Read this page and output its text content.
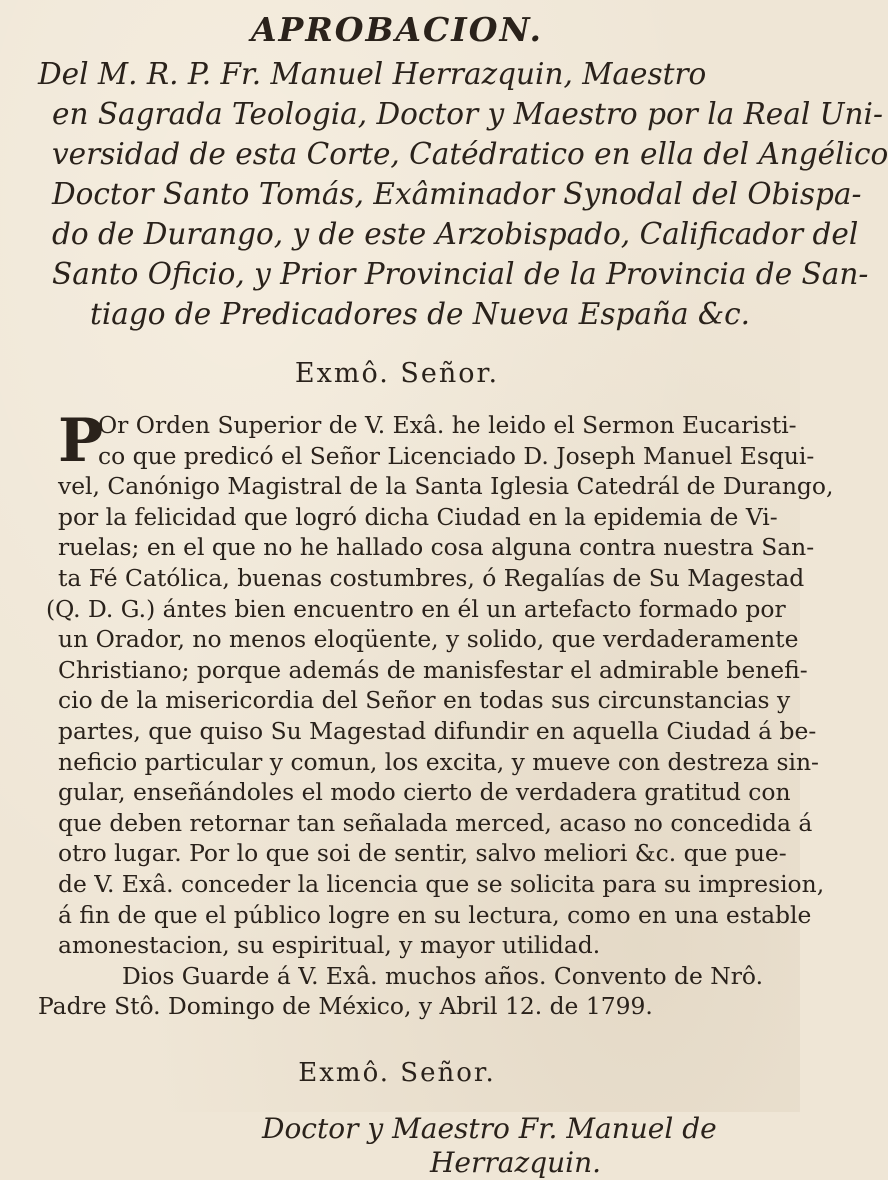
APROBACION.

Del M. R. P. Fr. Manuel Herrazquin, Maestro

en Sagrada Teologia, Doctor y Maestro por la Real Uni-

versidad de esta Corte, Catédratico en ella del Angélico

Doctor Santo Tomás, Exâminador Synodal del Obispa-

do de Durango, y de este Arzobispado, Calificador del

Santo Oficio, y Prior Provincial de la Provincia de San-

tiago de Predicadores de Nueva España &c.

Exmô. Señor.

P
Or Orden Superior de V. Exâ. he leido el Sermon Eucaristi-

co que predicó el Señor Licenciado D. Joseph Manuel Esqui-

vel, Canónigo Magistral de la Santa Iglesia Catedrál de Durango,

por la felicidad que logró dicha Ciudad en la epidemia de Vi-

ruelas; en el que no he hallado cosa alguna contra nuestra San-

ta Fé Católica, buenas costumbres, ó Regalías de Su Magestad

(Q. D. G.) ántes bien encuentro en él un artefacto formado por

un Orador, no menos eloqüente, y solido, que verdaderamente

Christiano; porque además de manisfestar el admirable benefi-

cio de la misericordia del Señor en todas sus circunstancias y

partes, que quiso Su Magestad difundir en aquella Ciudad á be-

neficio particular y comun, los excita, y mueve con destreza sin-

gular, enseñándoles el modo cierto de verdadera gratitud con

que deben retornar tan señalada merced, acaso no concedida á

otro lugar. Por lo que soi de sentir, salvo meliori &c. que pue-

de V. Exâ. conceder la licencia que se solicita para su impresion,

á fin de que el público logre en su lectura, como en una estable

amonestacion, su espiritual, y mayor utilidad.

Dios Guarde á V. Exâ. muchos años. Convento de Nrô.

Padre Stô. Domingo de México, y Abril 12. de 1799.

Exmô. Señor.

Doctor y Maestro Fr. Manuel de

Herrazquin.
